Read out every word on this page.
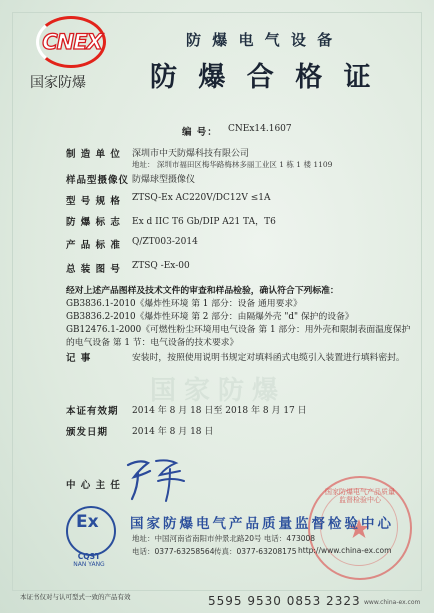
CNEX
国家防爆
防 爆 电 气 设 备
防 爆 合 格 证
编 号： CNEx14.1607
制 造 单 位 深圳市中天防爆科技有限公司
地址： 深圳市福田区梅华路梅林多丽工业区 1 栋 1 楼 1109
样品型摄像仪 防爆球型摄像仪
型 号 规 格 ZTSQ-Ex AC220V/DC12V ≤1A
防 爆 标 志 Ex d IIC T6 Gb/DIP A21 TA，T6
产 品 标 准 Q/ZT003-2014
总 装 图 号 ZTSQ -Ex-00
经对上述产品图样及技术文件的审查和样品检验，确认符合下列标准：
GB3836.1-2010《爆炸性环境 第 1 部分：设备 通用要求》
GB3836.2-2010《爆炸性环境 第 2 部分：由隔爆外壳 "d" 保护的设备》
GB12476.1-2000《可燃性粉尘环境用电气设备 第 1 部分：用外壳和限制表面温度保护
的电气设备 第 1 节：电气设备的技术要求》
记 事	安装时，按照使用说明书规定对填料函式电缆引入装置进行填料密封。
国家防爆
本证有效期 2014 年 8 月 18 日至 2018 年 8 月 17 日
颁发日期	2014 年 8 月 18 日
中 心 主 任
国家防爆电气产品质量监督检验中心
Ex
CQST
NAN YANG
国家防爆电气产品质量监督检验中心
地址：中国河南省南阳市仲景北路20号 电话：473008
电话：0377-63258564 传真：0377-63208175 http://www.china-ex.com
本证书仅对与认可型式一致的产品有效	5595 9530 0853 2323 www.china-ex.com
